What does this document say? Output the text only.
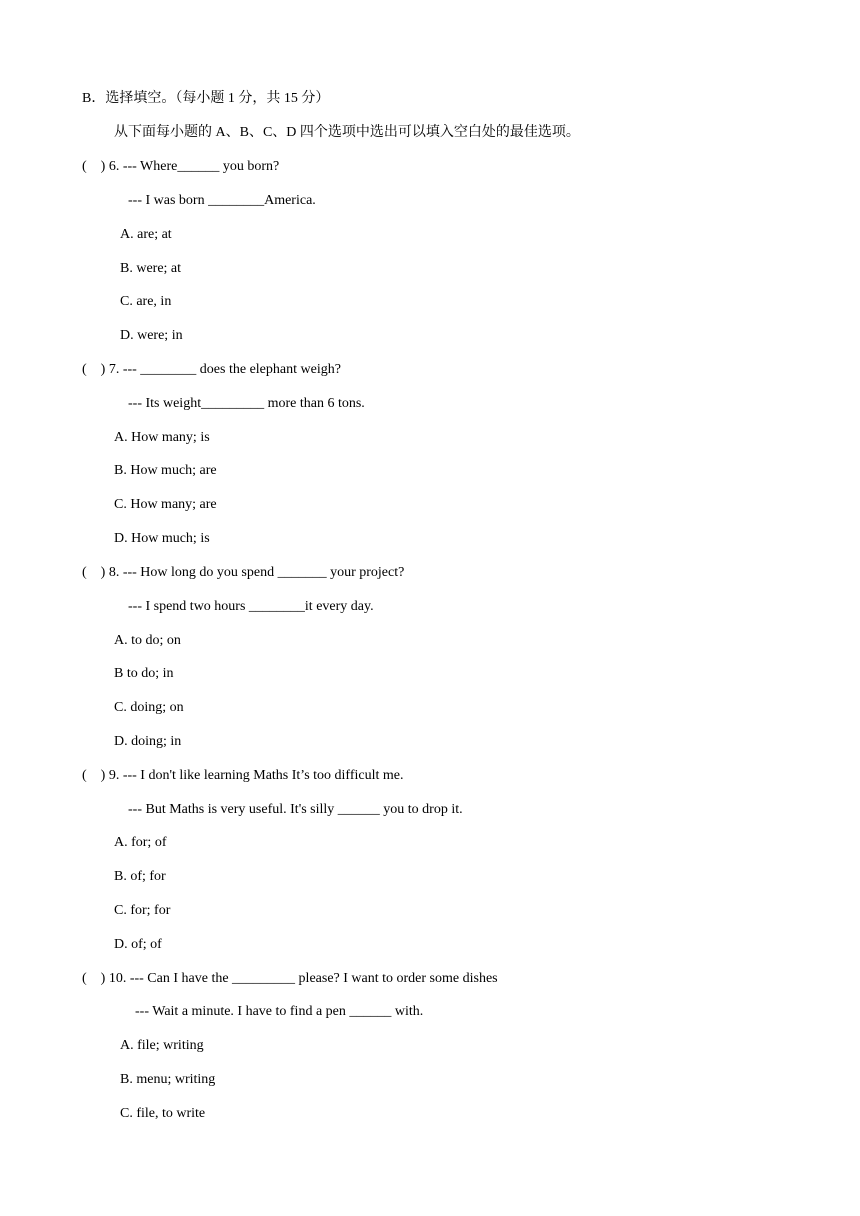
B．选择填空。（每小题 1 分，共 15 分）
从下面每小题的 A、B、C、D 四个选项中选出可以填入空白处的最佳选项。
(    ) 6. --- Where______ you born?
--- I was born ________America.
A. are; at
B. were; at
C. are, in
D. were; in
(    ) 7. --- ________ does the elephant weigh?
--- Its weight_________ more than 6 tons.
A. How many; is
B. How much; are
C. How many; are
D. How much; is
(    ) 8. --- How long do you spend _______ your project?
--- I spend two hours ________it every day.
A. to do; on
B to do; in
C. doing; on
D. doing; in
(    ) 9. --- I don't like learning Maths It’s too difficult me.
--- But Maths is very useful. It's silly ______ you to drop it.
A. for; of
B. of; for
C. for; for
D. of; of
(    ) 10. --- Can I have the _________ please? I want to order some dishes
--- Wait a minute. I have to find a pen ______ with.
A. file; writing
B. menu; writing
C. file, to write
